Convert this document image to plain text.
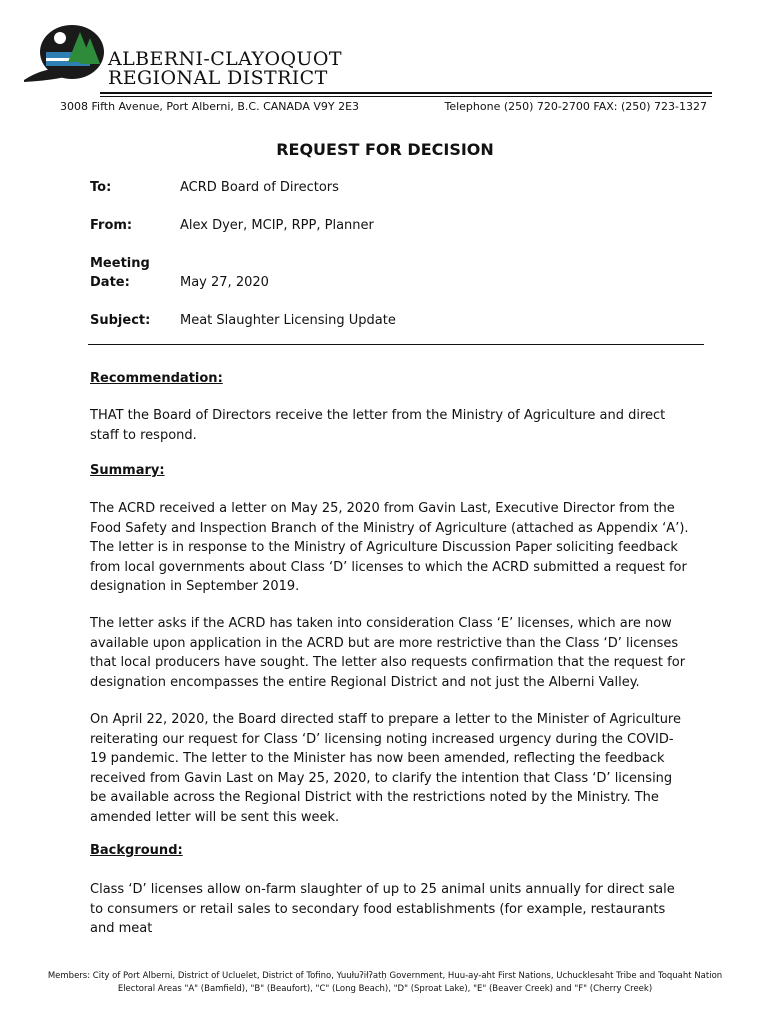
ALBERNI-CLAYOQUOT
REGIONAL DISTRICT
3008 Fifth Avenue, Port Alberni, B.C. CANADA V9Y 2E3	Telephone (250) 720-2700 FAX: (250) 723-1327
REQUEST FOR DECISION
To:	ACRD Board of Directors
From:	Alex Dyer, MCIP, RPP, Planner
Meeting
Date:	May 27, 2020
Subject: Meat Slaughter Licensing Update
Recommendation:
THAT the Board of Directors receive the letter from the Ministry of Agriculture and direct staff to respond.
Summary:
The ACRD received a letter on May 25, 2020 from Gavin Last, Executive Director from the Food Safety and Inspection Branch of the Ministry of Agriculture (attached as Appendix ‘A’). The letter is in response to the Ministry of Agriculture Discussion Paper soliciting feedback from local governments about Class ‘D’ licenses to which the ACRD submitted a request for designation in September 2019.
The letter asks if the ACRD has taken into consideration Class ‘E’ licenses, which are now available upon application in the ACRD but are more restrictive than the Class ‘D’ licenses that local producers have sought. The letter also requests confirmation that the request for designation encompasses the entire Regional District and not just the Alberni Valley.
On April 22, 2020, the Board directed staff to prepare a letter to the Minister of Agriculture reiterating our request for Class ‘D’ licensing noting increased urgency during the COVID-19 pandemic. The letter to the Minister has now been amended, reflecting the feedback received from Gavin Last on May 25, 2020, to clarify the intention that Class ‘D’ licensing be available across the Regional District with the restrictions noted by the Ministry. The amended letter will be sent this week.
Background:
Class ‘D’ licenses allow on-farm slaughter of up to 25 animal units annually for direct sale to consumers or retail sales to secondary food establishments (for example, restaurants and meat
Members: City of Port Alberni, District of Ucluelet, District of Tofino, Yuułuʔiłʔatḥ Government, Huu-ay-aht First Nations, Uchucklesaht Tribe and Toquaht Nation
Electoral Areas "A" (Bamfield), "B" (Beaufort), "C" (Long Beach), "D" (Sproat Lake), "E" (Beaver Creek) and "F" (Cherry Creek)
